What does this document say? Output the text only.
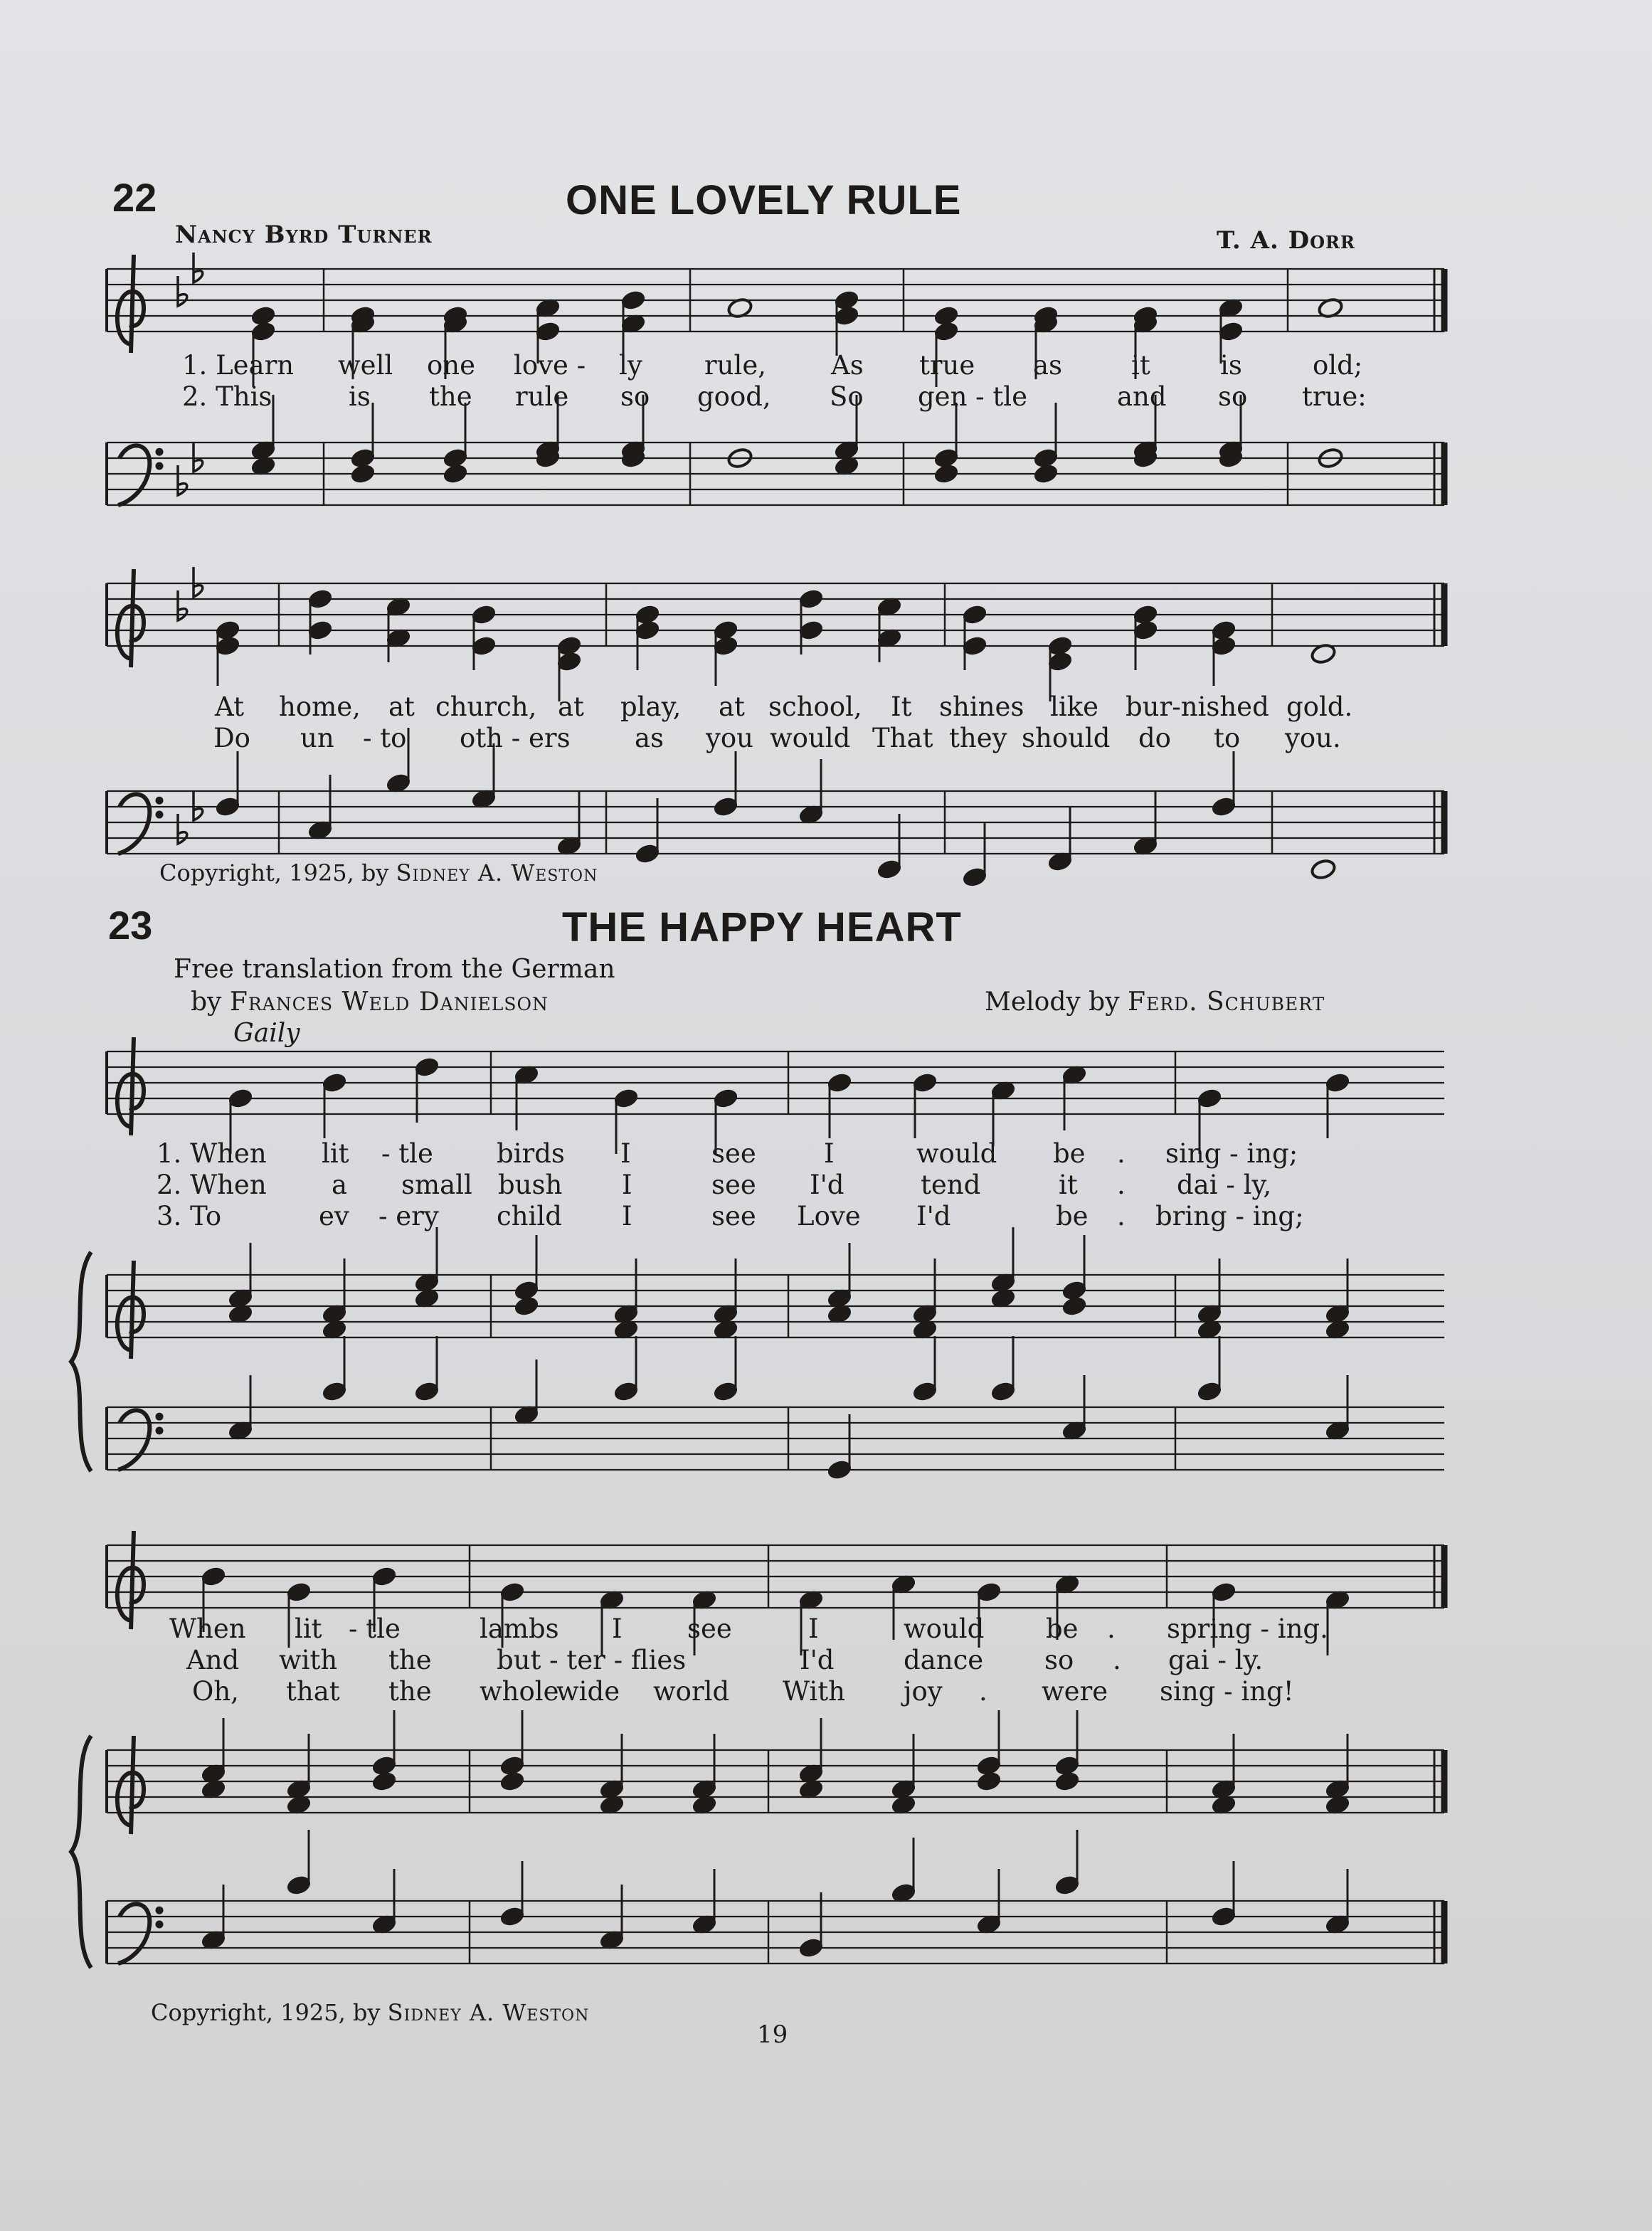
22	ONE LOVELY RULE
Nancy Byrd Turner	T. A. Dorr
1. Learn well one love - ly rule, As true as	it	is	old;
2. This	is the rule so good, So gen - tle	and so true:
At home, at church, at play, at school, It shines like bur-nished gold.
Do un - to oth - ers as you would That they should do to you.
Copyright, 1925, by Sidney A. Weston
23	THE HAPPY HEART
Free translation from the German
by Frances Weld Danielson	Melody by Ferd. Schubert
Gaily
1. When lit - tle birds I	see	I	would be . sing - ing;
2. When a small bush I	see I'd	tend	it . dai - ly,
3. To	ev - ery child I	see Love I'd	be . bring - ing;
When lit - tle	lambs I see	I	would be . spring - ing.
And with the but - ter - flies	I'd	dance so . gai - ly.
Oh, that the whole
wide world With joy . were sing - ing!
Copyright, 1925, by Sidney A. Weston
19
